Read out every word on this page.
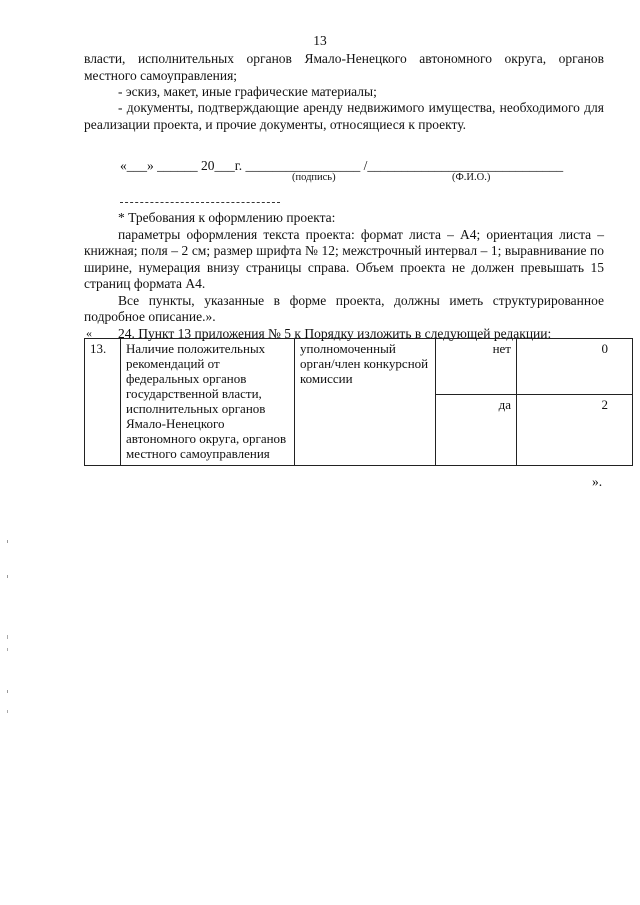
13

власти, исполнительных органов Ямало-Ненецкого автономного округа, органов местного самоуправления;

- эскиз, макет, иные графические материалы;

- документы, подтверждающие аренду недвижимого имущества, необходимого для реализации проекта, и прочие документы, относящиеся к проекту.

«___» ______ 20___г. _________________ /_____________________________
(подпись)	(Ф.И.О.)

* Требования к оформлению проекта:

параметры оформления текста проекта: формат листа – А4; ориентация листа – книжная; поля – 2 см; размер шрифта № 12; межстрочный интервал – 1; выравнивание по ширине, нумерация внизу страницы справа. Объем проекта не должен превышать 15 страниц формата А4.

Все пункты, указанные в форме проекта, должны иметь структурированное подробное описание.».

24. Пункт 13 приложения № 5 к Порядку изложить в следующей редакции:

«
13.	Наличие положительных рекомендаций от федеральных органов государственной власти, исполнительных органов Ямало-Ненецкого автономного округа, органов местного самоуправления	уполномоченный орган/член конкурсной комиссии	нет	0
			да	2
».
